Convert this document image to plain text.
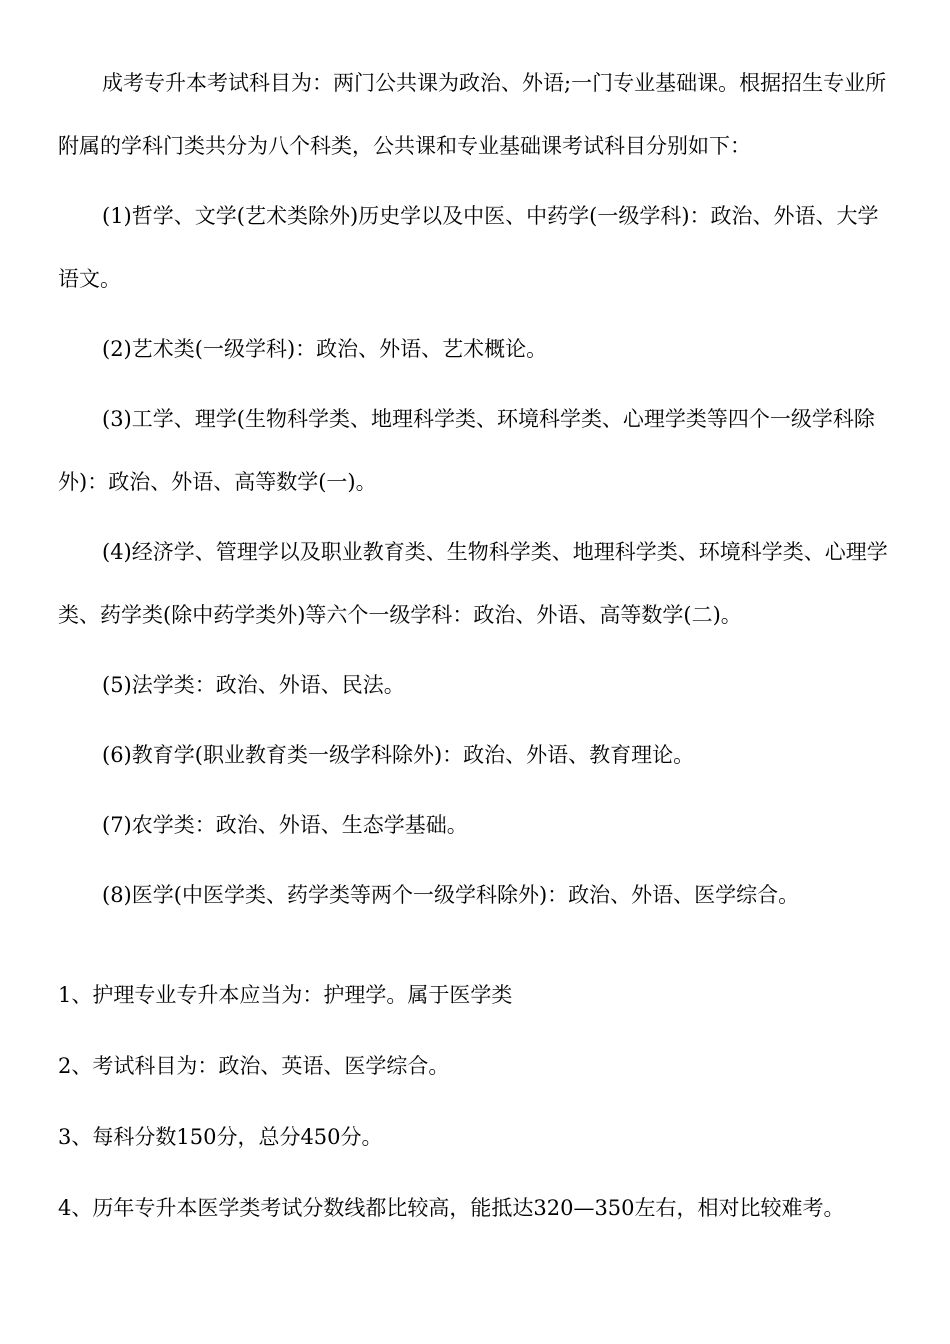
成考专升本考试科目为：两门公共课为政治、外语;一门专业基础课。根据招生专业所附属的学科门类共分为八个科类，公共课和专业基础课考试科目分别如下：

(1)哲学、文学(艺术类除外)历史学以及中医、中药学(一级学科)：政治、外语、大学语文。

(2)艺术类(一级学科)：政治、外语、艺术概论。

(3)工学、理学(生物科学类、地理科学类、环境科学类、心理学类等四个一级学科除外)：政治、外语、高等数学(一)。

(4)经济学、管理学以及职业教育类、生物科学类、地理科学类、环境科学类、心理学类、药学类(除中药学类外)等六个一级学科：政治、外语、高等数学(二)。

(5)法学类：政治、外语、民法。

(6)教育学(职业教育类一级学科除外)：政治、外语、教育理论。

(7)农学类：政治、外语、生态学基础。

(8)医学(中医学类、药学类等两个一级学科除外)：政治、外语、医学综合。

1、护理专业专升本应当为：护理学。属于医学类

2、考试科目为：政治、英语、医学综合。

3、每科分数150分，总分450分。

4、历年专升本医学类考试分数线都比较高，能抵达320—350左右，相对比较难考。
